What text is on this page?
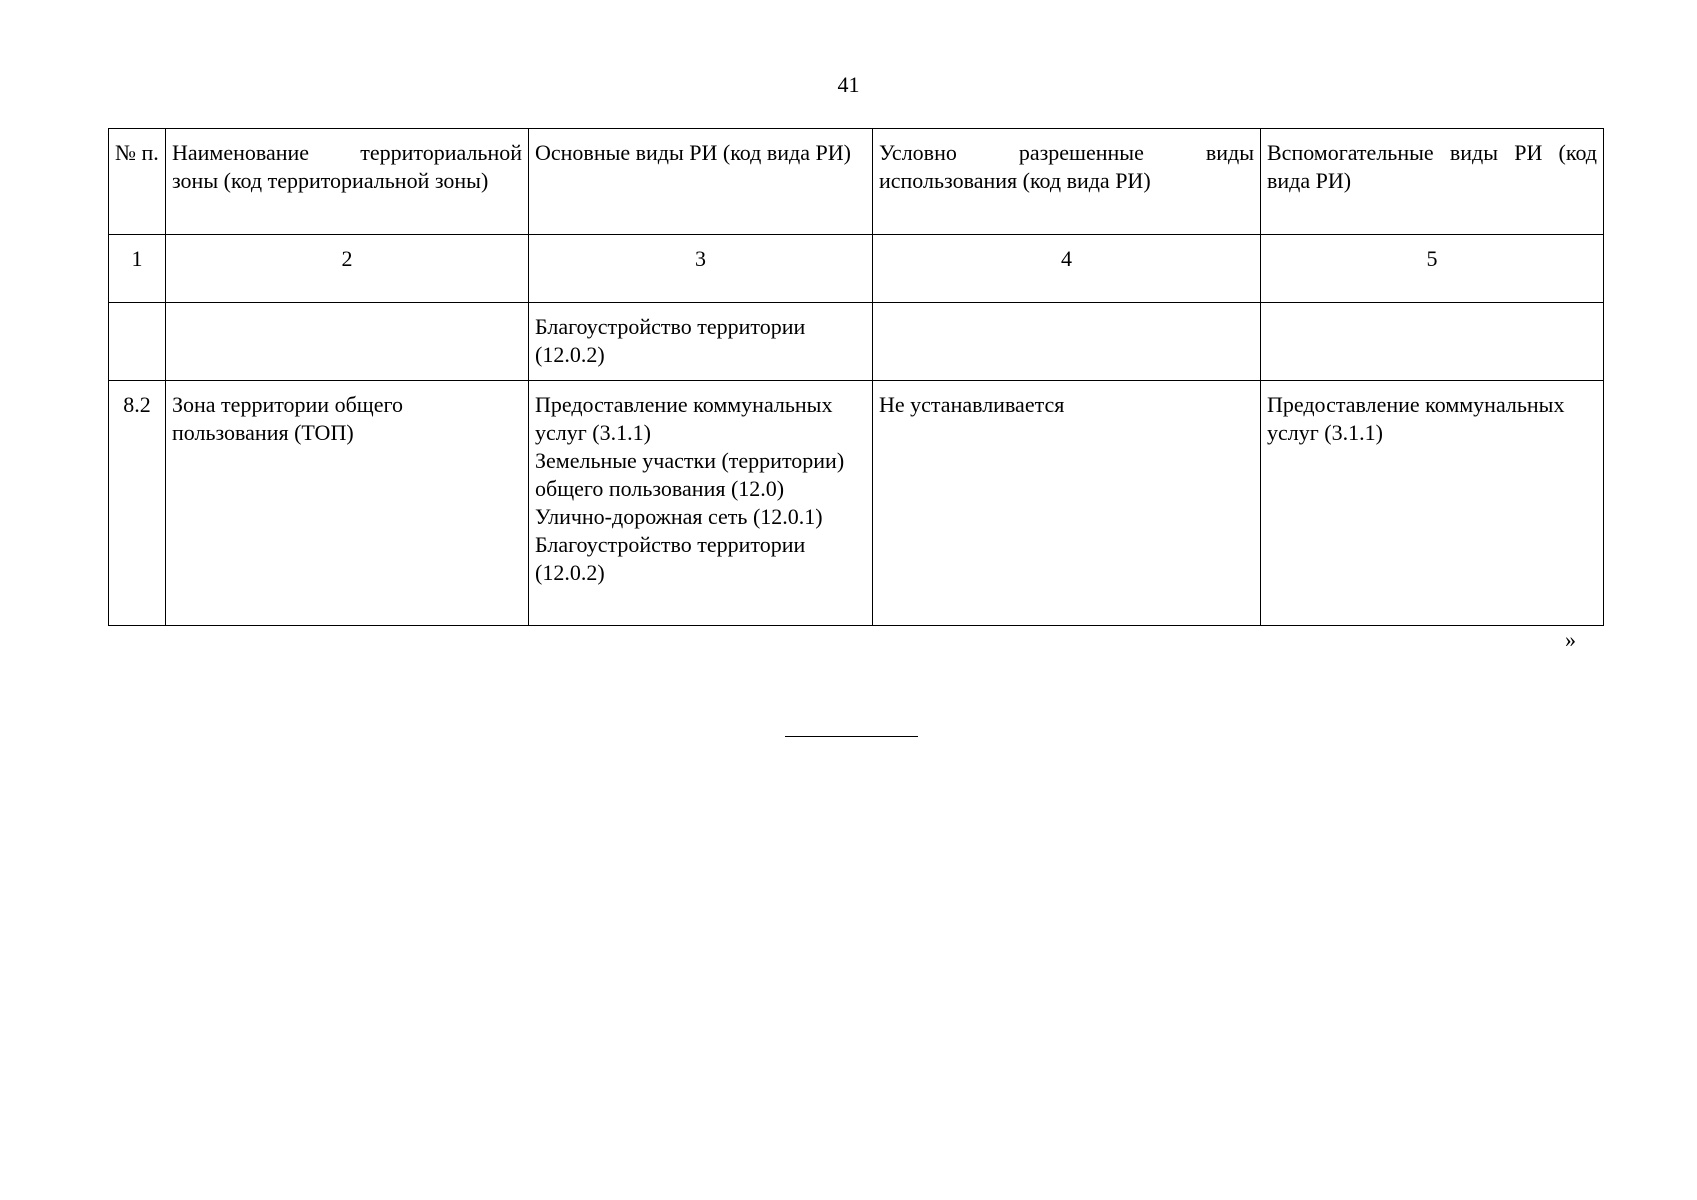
41
№ п.	Наименование территориальной зоны (код территориальной зоны)	Основные виды РИ (код вида РИ)	Условно разрешенные виды использования (код вида РИ)	Вспомогательные виды РИ (код вида РИ)
1	2	3	4	5

		Благоустройство территории (12.0.2)		

8.2	Зона территории общего пользования (ТОП)	Предоставление коммунальных услуг (3.1.1)
Земельные участки (территории) общего пользования (12.0)
Улично-дорожная сеть (12.0.1)
Благоустройство территории (12.0.2)	Не устанавливается	Предоставление коммунальных услуг (3.1.1)
»
